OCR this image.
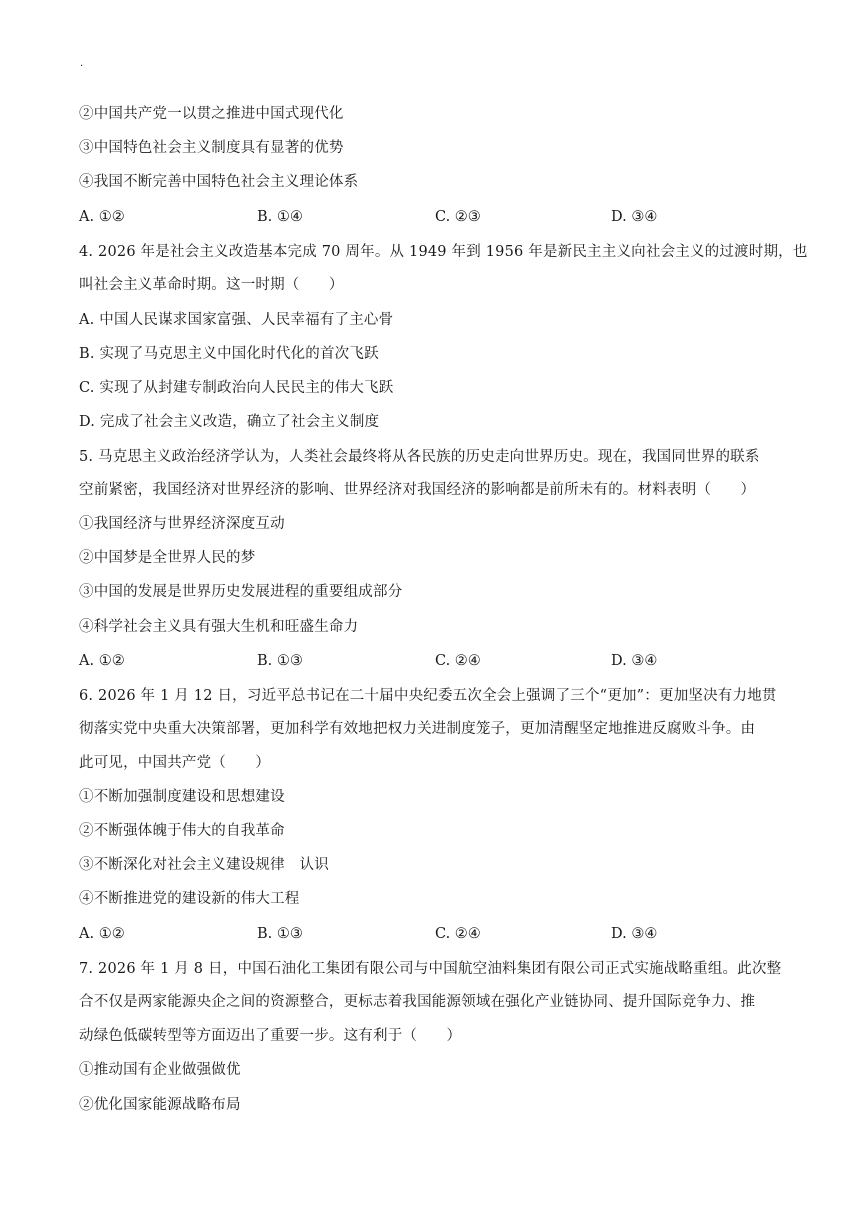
·
②中国共产党一以贯之推进中国式现代化
③中国特色社会主义制度具有显著的优势
④我国不断完善中国特色社会主义理论体系
A. ①②	B. ①④	C. ②③	D. ③④
4. 2026 年是社会主义改造基本完成 70 周年。从 1949 年到 1956 年是新民主主义向社会主义的过渡时期，也
叫社会主义革命时期。这一时期（　　）
A. 中国人民谋求国家富强、人民幸福有了主心骨
B. 实现了马克思主义中国化时代化的首次飞跃
C. 实现了从封建专制政治向人民民主的伟大飞跃
D. 完成了社会主义改造，确立了社会主义制度
5. 马克思主义政治经济学认为，人类社会最终将从各民族的历史走向世界历史。现在，我国同世界的联系
空前紧密，我国经济对世界经济的影响、世界经济对我国经济的影响都是前所未有的。材料表明（　　）
①我国经济与世界经济深度互动
②中国梦是全世界人民的梦
③中国的发展是世界历史发展进程的重要组成部分
④科学社会主义具有强大生机和旺盛生命力
A. ①②	B. ①③	C. ②④	D. ③④
6. 2026 年 1 月 12 日，习近平总书记在二十届中央纪委五次全会上强调了三个“更加”：更加坚决有力地贯
彻落实党中央重大决策部署，更加科学有效地把权力关进制度笼子，更加清醒坚定地推进反腐败斗争。由
此可见，中国共产党（　　）
①不断加强制度建设和思想建设
②不断强体魄于伟大的自我革命
③不断深化对社会主义建设规律　认识
④不断推进党的建设新的伟大工程
A. ①②	B. ①③	C. ②④	D. ③④
7. 2026 年 1 月 8 日，中国石油化工集团有限公司与中国航空油料集团有限公司正式实施战略重组。此次整
合不仅是两家能源央企之间的资源整合，更标志着我国能源领域在强化产业链协同、提升国际竞争力、推
动绿色低碳转型等方面迈出了重要一步。这有利于（　　）
①推动国有企业做强做优
②优化国家能源战略布局
